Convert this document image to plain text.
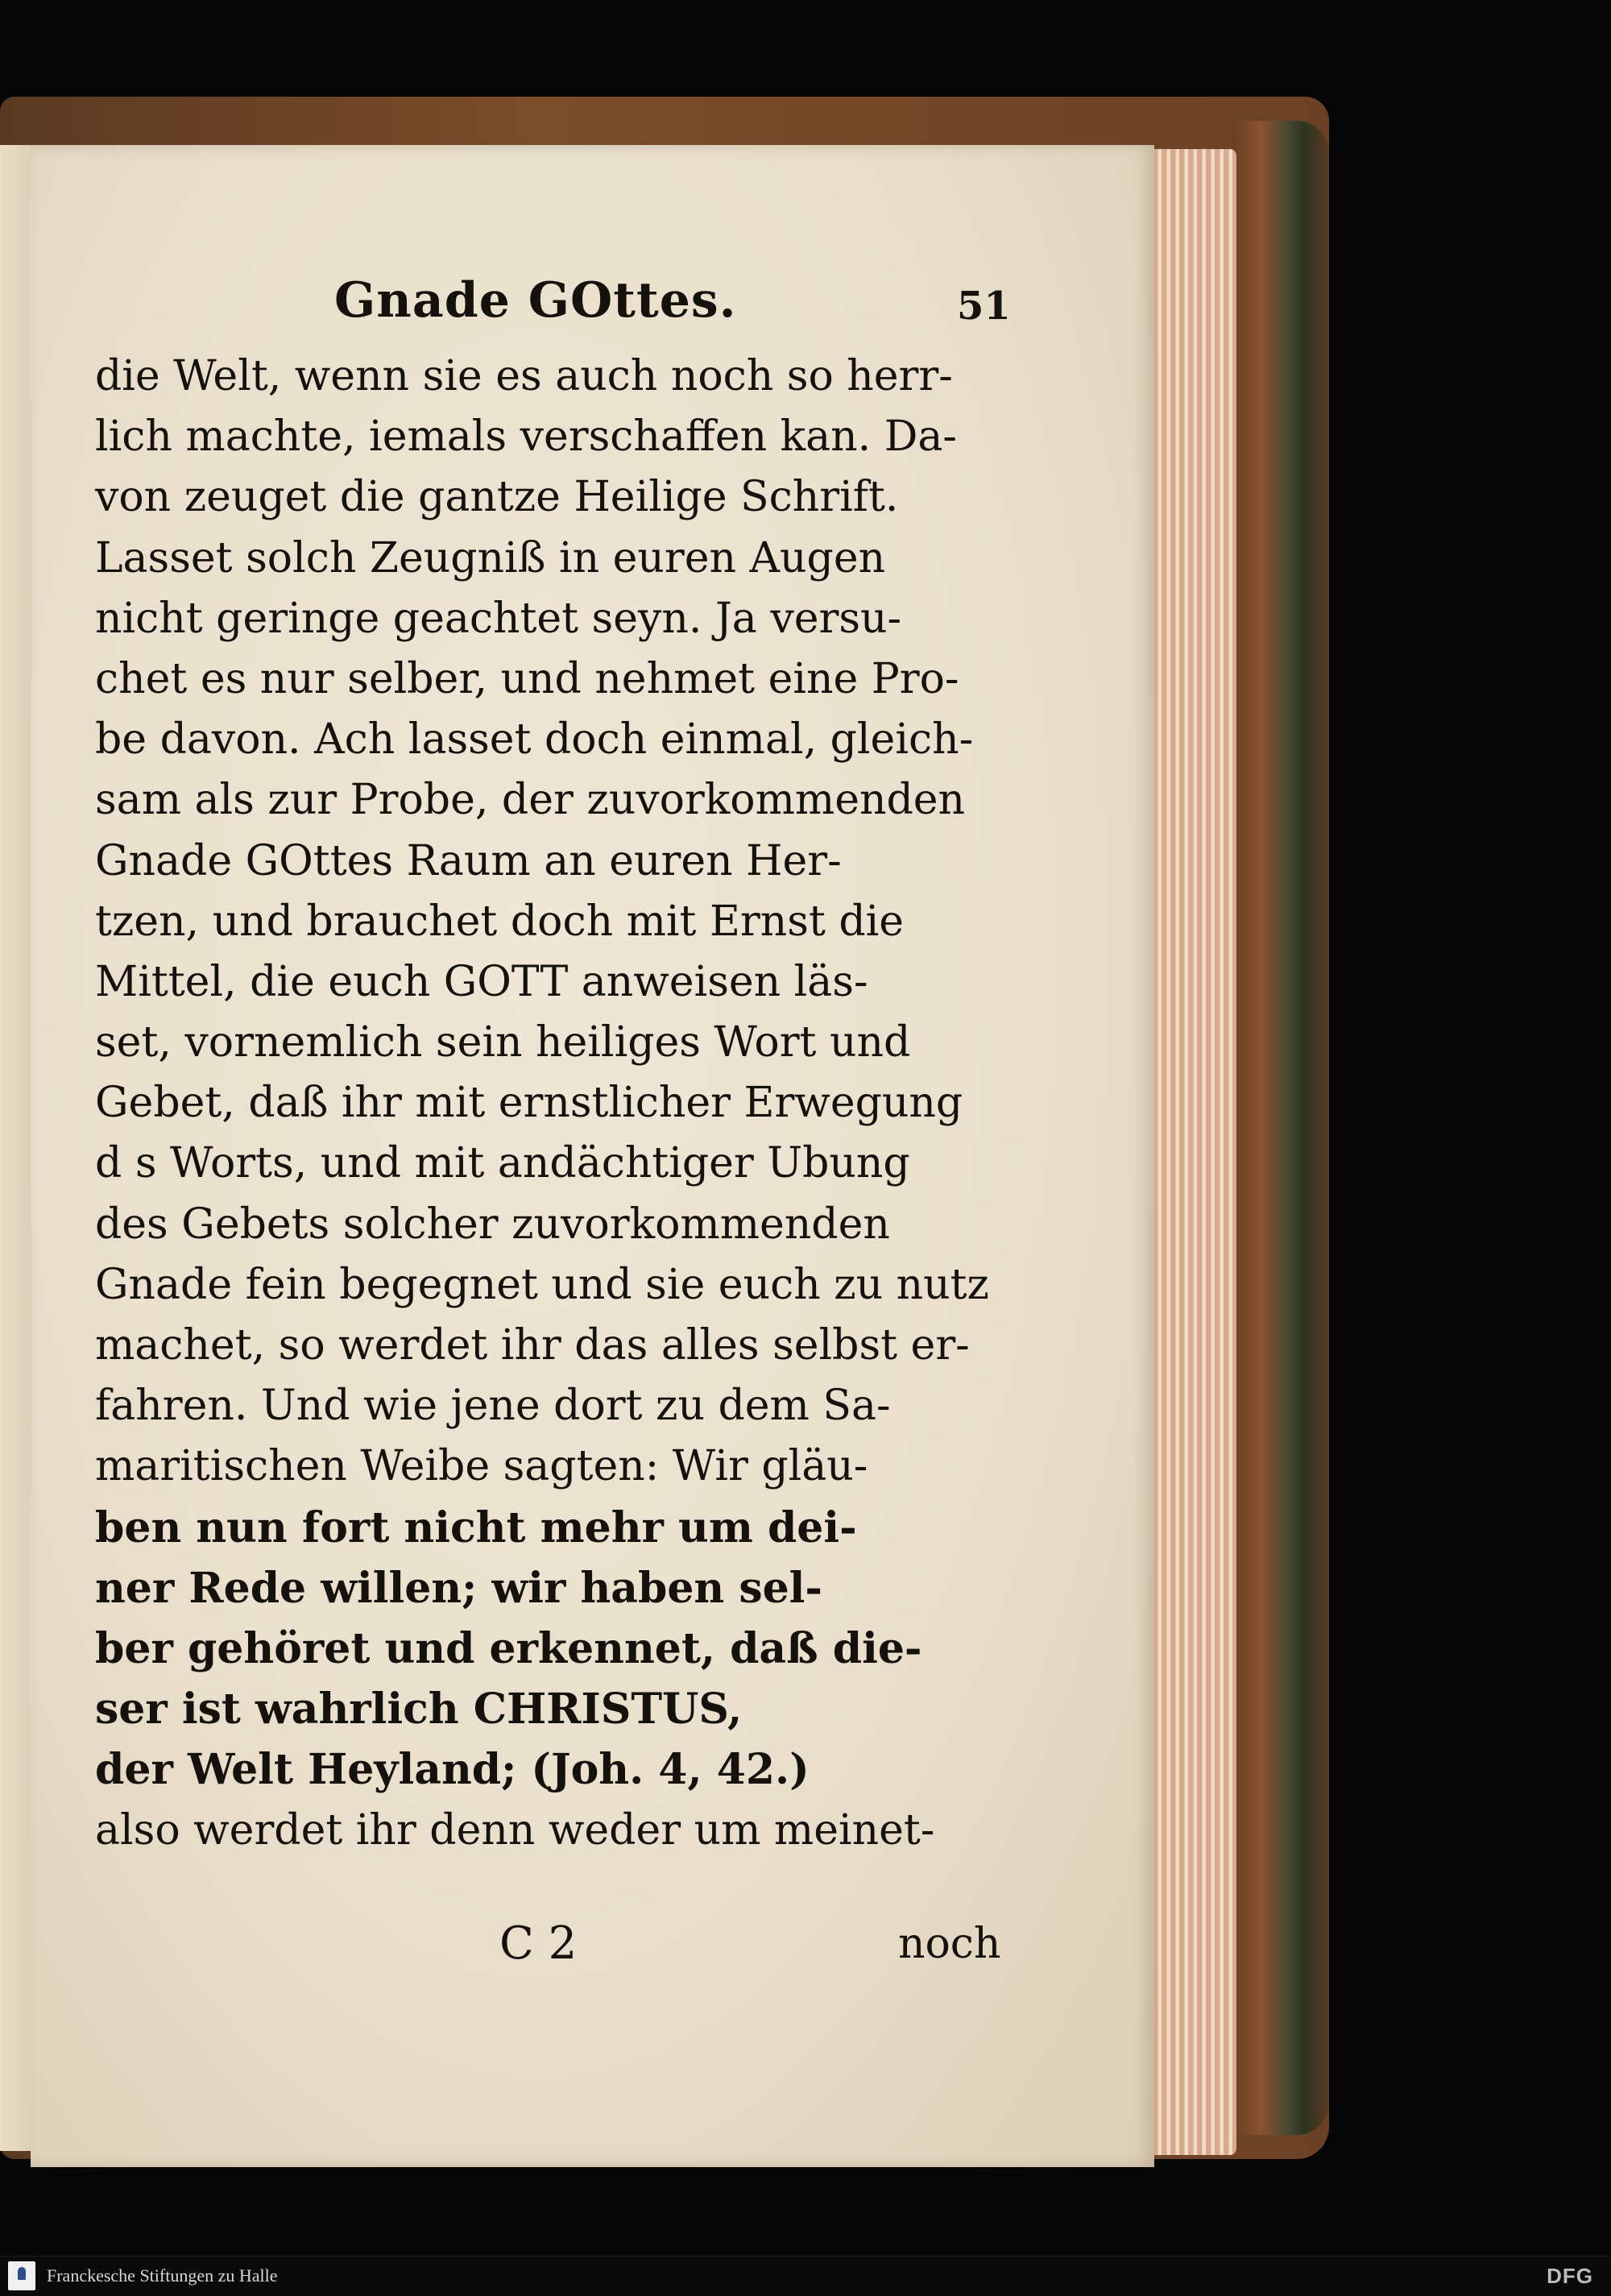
Gnade GOttes.	51
die Welt, wenn sie es auch noch so herr-
lich machte, iemals verschaffen kan. Da-
von zeuget die gantze Heilige Schrift.
Lasset solch Zeugniß in euren Augen
nicht geringe geachtet seyn. Ja versu-
chet es nur selber, und nehmet eine Pro-
be davon. Ach lasset doch einmal, gleich-
sam als zur Probe, der zuvorkommenden
Gnade GOttes Raum an euren Her-
tzen, und brauchet doch mit Ernst die
Mittel, die euch GOTT anweisen läs-
set, vornemlich sein heiliges Wort und
Gebet, daß ihr mit ernstlicher Erwegung
d s Worts, und mit andächtiger Ubung
des Gebets solcher zuvorkommenden
Gnade fein begegnet und sie euch zu nutz
machet, so werdet ihr das alles selbst er-
fahren. Und wie jene dort zu dem Sa-
maritischen Weibe sagten: Wir gläu-
ben nun fort nicht mehr um dei-
ner Rede willen; wir haben sel-
ber gehöret und erkennet, daß die-
ser ist wahrlich CHRISTUS,
der Welt Heyland; (Joh. 4, 42.)
also werdet ihr denn weder um meinet-
C 2	noch
Franckesche Stiftungen zu Halle	DFG
